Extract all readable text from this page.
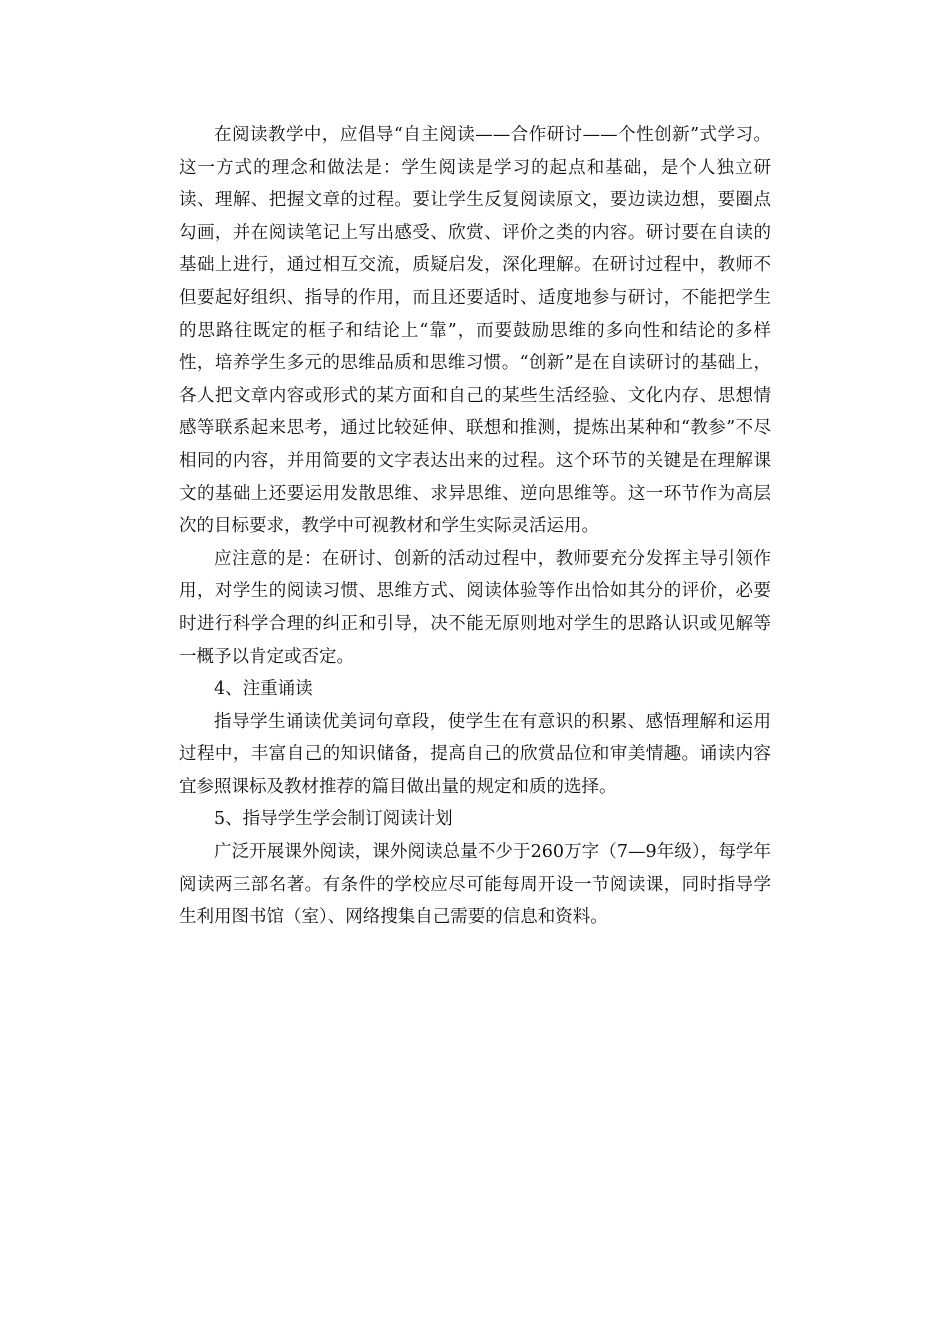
在阅读教学中，应倡导“自主阅读——合作研讨——个性创新”式学习。这一方式的理念和做法是：学生阅读是学习的起点和基础，是个人独立研读、理解、把握文章的过程。要让学生反复阅读原文，要边读边想，要圈点勾画，并在阅读笔记上写出感受、欣赏、评价之类的内容。研讨要在自读的基础上进行，通过相互交流，质疑启发，深化理解。在研讨过程中，教师不但要起好组织、指导的作用，而且还要适时、适度地参与研讨，不能把学生的思路往既定的框子和结论上“靠”，而要鼓励思维的多向性和结论的多样性，培养学生多元的思维品质和思维习惯。“创新”是在自读研讨的基础上，各人把文章内容或形式的某方面和自己的某些生活经验、文化内存、思想情感等联系起来思考，通过比较延伸、联想和推测，提炼出某种和“教参”不尽相同的内容，并用简要的文字表达出来的过程。这个环节的关键是在理解课文的基础上还要运用发散思维、求异思维、逆向思维等。这一环节作为高层次的目标要求，教学中可视教材和学生实际灵活运用。

应注意的是：在研讨、创新的活动过程中，教师要充分发挥主导引领作用，对学生的阅读习惯、思维方式、阅读体验等作出恰如其分的评价，必要时进行科学合理的纠正和引导，决不能无原则地对学生的思路认识或见解等一概予以肯定或否定。

4、注重诵读

指导学生诵读优美词句章段，使学生在有意识的积累、感悟理解和运用过程中，丰富自己的知识储备，提高自己的欣赏品位和审美情趣。诵读内容宜参照课标及教材推荐的篇目做出量的规定和质的选择。

5、指导学生学会制订阅读计划

广泛开展课外阅读，课外阅读总量不少于260万字（7—9年级），每学年阅读两三部名著。有条件的学校应尽可能每周开设一节阅读课，同时指导学生利用图书馆（室）、网络搜集自己需要的信息和资料。
